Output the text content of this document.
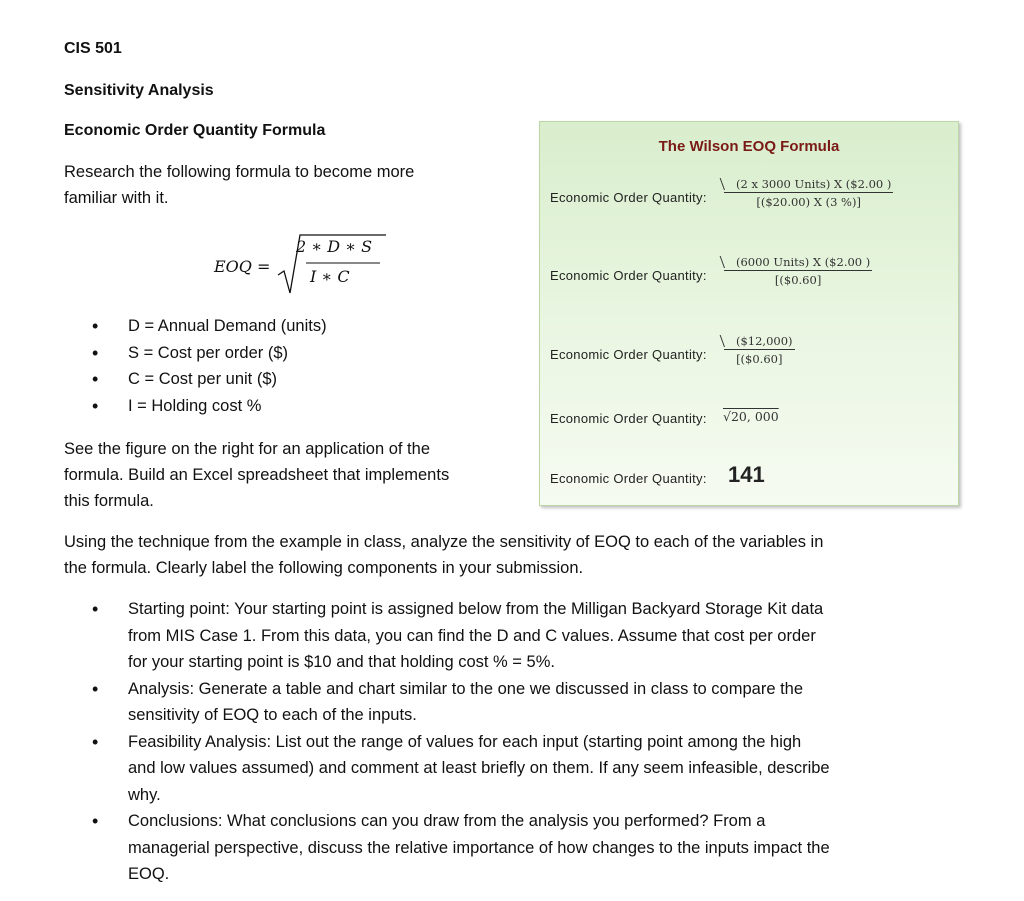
CIS 501
Sensitivity Analysis
Economic Order Quantity Formula
Research the following formula to become more
familiar with it.
EOQ =
2 ∗ D ∗ S
I ∗ C
• D = Annual Demand (units)
• S = Cost per order ($)
• C = Cost per unit ($)
• I = Holding cost %
See the figure on the right for an application of the
formula. Build an Excel spreadsheet that implements
this formula.
The Wilson EOQ Formula
Economic Order Quantity:
(2 x 3000 Units) X ($2.00 )
[($20.00) X (3 %)]
Economic Order Quantity:
(6000 Units) X ($2.00 )
[($0.60]
Economic Order Quantity: $\frac{(\$12,000)}{[(\$0.60]}$
Economic Order Quantity: √20, 000
Economic Order Quantity: 141
Using the technique from the example in class, analyze the sensitivity of EOQ to each of the variables in
the formula. Clearly label the following components in your submission.
• Starting point: Your starting point is assigned below from the Milligan Backyard Storage Kit data
from MIS Case 1. From this data, you can find the D and C values. Assume that cost per order
for your starting point is $10 and that holding cost % = 5%.
• Analysis: Generate a table and chart similar to the one we discussed in class to compare the
sensitivity of EOQ to each of the inputs.
• Feasibility Analysis: List out the range of values for each input (starting point among the high
and low values assumed) and comment at least briefly on them. If any seem infeasible, describe
why.
• Conclusions: What conclusions can you draw from the analysis you performed? From a
managerial perspective, discuss the relative importance of how changes to the inputs impact the
EOQ.
